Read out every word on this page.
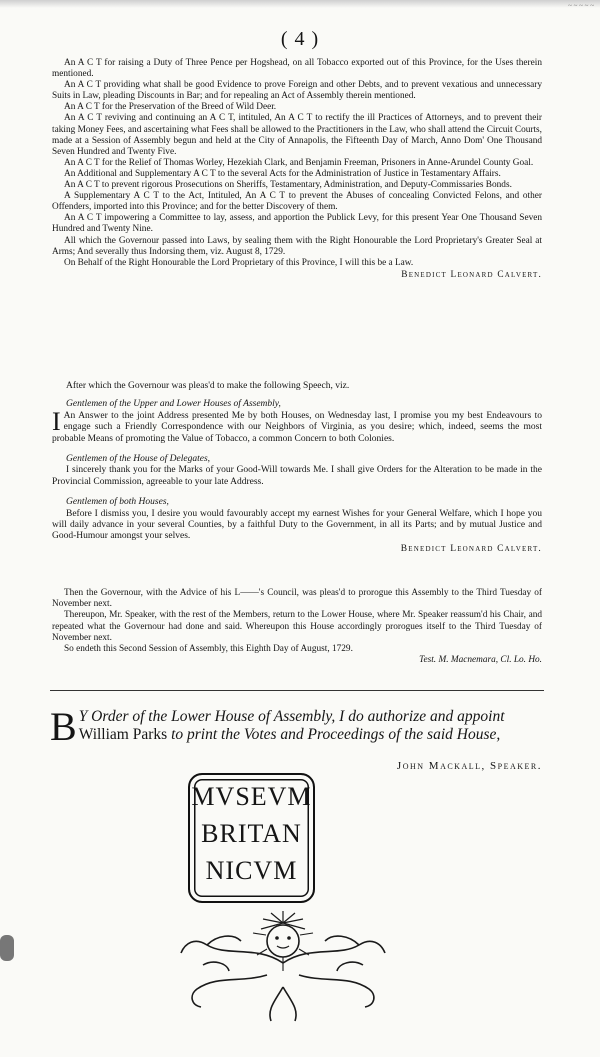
~ ~ ~ ~ ~
( 4 )

An A C T for raising a Duty of Three Pence per Hogshead, on all Tobacco exported out of this Province, for the Uses therein mentioned.

An A C T providing what shall be good Evidence to prove Foreign and other Debts, and to prevent vexatious and unnecessary Suits in Law, pleading Discounts in Bar; and for repealing an Act of Assembly therein mentioned.

An A C T for the Preservation of the Breed of Wild Deer.

An A C T reviving and continuing an A C T, intituled, An A C T to rectify the ill Practices of Attorneys, and to prevent their taking Money Fees, and ascertaining what Fees shall be allowed to the Practitioners in the Law, who shall attend the Circuit Courts, made at a Session of Assembly begun and held at the City of Annapolis, the Fifteenth Day of March, Anno Dom' One Thousand Seven Hundred and Twenty Five.

An A C T for the Relief of Thomas Worley, Hezekiah Clark, and Benjamin Freeman, Prisoners in Anne-Arundel County Goal.

An Additional and Supplementary A C T to the several Acts for the Administration of Justice in Testamentary Affairs.

An A C T to prevent rigorous Prosecutions on Sheriffs, Testamentary, Administration, and Deputy-Commissaries Bonds.

A Supplementary A C T to the Act, Intituled, An A C T to prevent the Abuses of concealing Convicted Felons, and other Offenders, imported into this Province; and for the better Discovery of them.

An A C T impowering a Committee to lay, assess, and apportion the Publick Levy, for this present Year One Thousand Seven Hundred and Twenty Nine.

All which the Governour passed into Laws, by sealing them with the Right Honourable the Lord Proprietary's Greater Seal at Arms; And severally thus Indorsing them, viz. August 8, 1729.

On Behalf of the Right Honourable the Lord Proprietary of this Province, I will this be a Law.

Benedict Leonard Calvert.

After which the Governour was pleas'd to make the following Speech, viz.

Gentlemen of the Upper and Lower Houses of Assembly,

I An Answer to the joint Address presented Me by both Houses, on Wednesday last, I promise you my best Endeavours to engage such a Friendly Correspondence with our Neighbors of Virginia, as you desire; which, indeed, seems the most probable Means of promoting the Value of Tobacco, a common Concern to both Colonies.

Gentlemen of the House of Delegates,

I sincerely thank you for the Marks of your Good-Will towards Me. I shall give Orders for the Alteration to be made in the Provincial Commission, agreeable to your late Address.

Gentlemen of both Houses,

Before I dismiss you, I desire you would favourably accept my earnest Wishes for your General Welfare, which I hope you will daily advance in your several Counties, by a faithful Duty to the Government, in all its Parts; and by mutual Justice and Good-Humour amongst your selves.

Benedict Leonard Calvert.

Then the Governour, with the Advice of his L——'s Council, was pleas'd to prorogue this Assembly to the Third Tuesday of November next.

Thereupon, Mr. Speaker, with the rest of the Members, return to the Lower House, where Mr. Speaker reassum'd his Chair, and repeated what the Governour had done and said. Whereupon this House accordingly prorogues itself to the Third Tuesday of November next.

So endeth this Second Session of Assembly, this Eighth Day of August, 1729.

Test. M. Macnemara, Cl. Lo. Ho.

B Y Order of the Lower House of Assembly, I do authorize and appoint William Parks to print the Votes and Proceedings of the said House,
John Mackall, Speaker.
MVSEVM
BRITAN
NICVM
